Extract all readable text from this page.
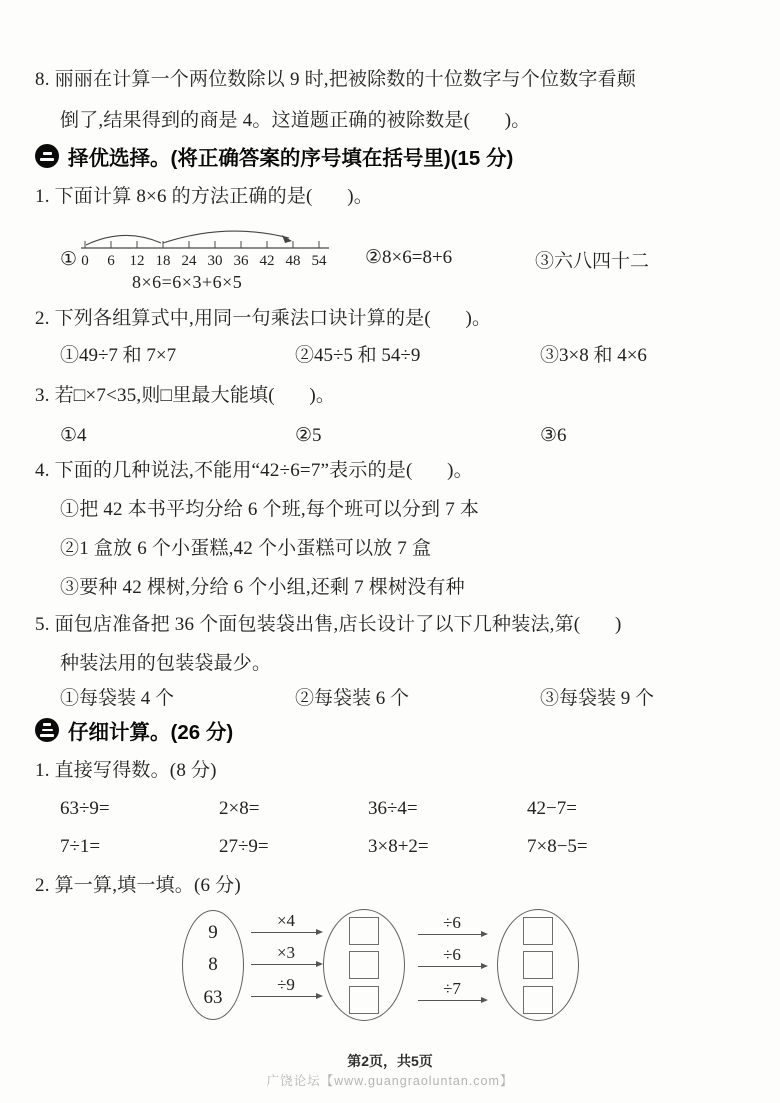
8. 丽丽在计算一个两位数除以 9 时,把被除数的十位数字与个位数字看颠
倒了,结果得到的商是 4。这道题正确的被除数是(       )。
择优选择。(将正确答案的序号填在括号里)(15 分)
1. 下面计算 8×6 的方法正确的是(       )。
① 0 6 12 18 24 30 36 42 48 54 ②8×6=8+6	③六八四十二
8×6=6×3+6×5
2. 下列各组算式中,用同一句乘法口诀计算的是(       )。
①49÷7 和 7×7	②45÷5 和 54÷9	③3×8 和 4×6
3. 若□×7<35,则□里最大能填(       )。
①4	②5	③6
4. 下面的几种说法,不能用“42÷6=7”表示的是(       )。
①把 42 本书平均分给 6 个班,每个班可以分到 7 本
②1 盒放 6 个小蛋糕,42 个小蛋糕可以放 7 盒
③要种 42 棵树,分给 6 个小组,还剩 7 棵树没有种
5. 面包店准备把 36 个面包装袋出售,店长设计了以下几种装法,第(       )
种装法用的包装袋最少。
①每袋装 4 个	②每袋装 6 个	③每袋装 9 个
仔细计算。(26 分)
1. 直接写得数。(8 分)
63÷9=	2×8=	36÷4=	42−7=
7÷1=	27÷9=	3×8+2=	7×8−5=
2. 算一算,填一填。(6 分)
9
8
63
×4
×3
÷9
÷6
÷6
÷7
第2页，共5页
广饶论坛【www.guangraoluntan.com】
